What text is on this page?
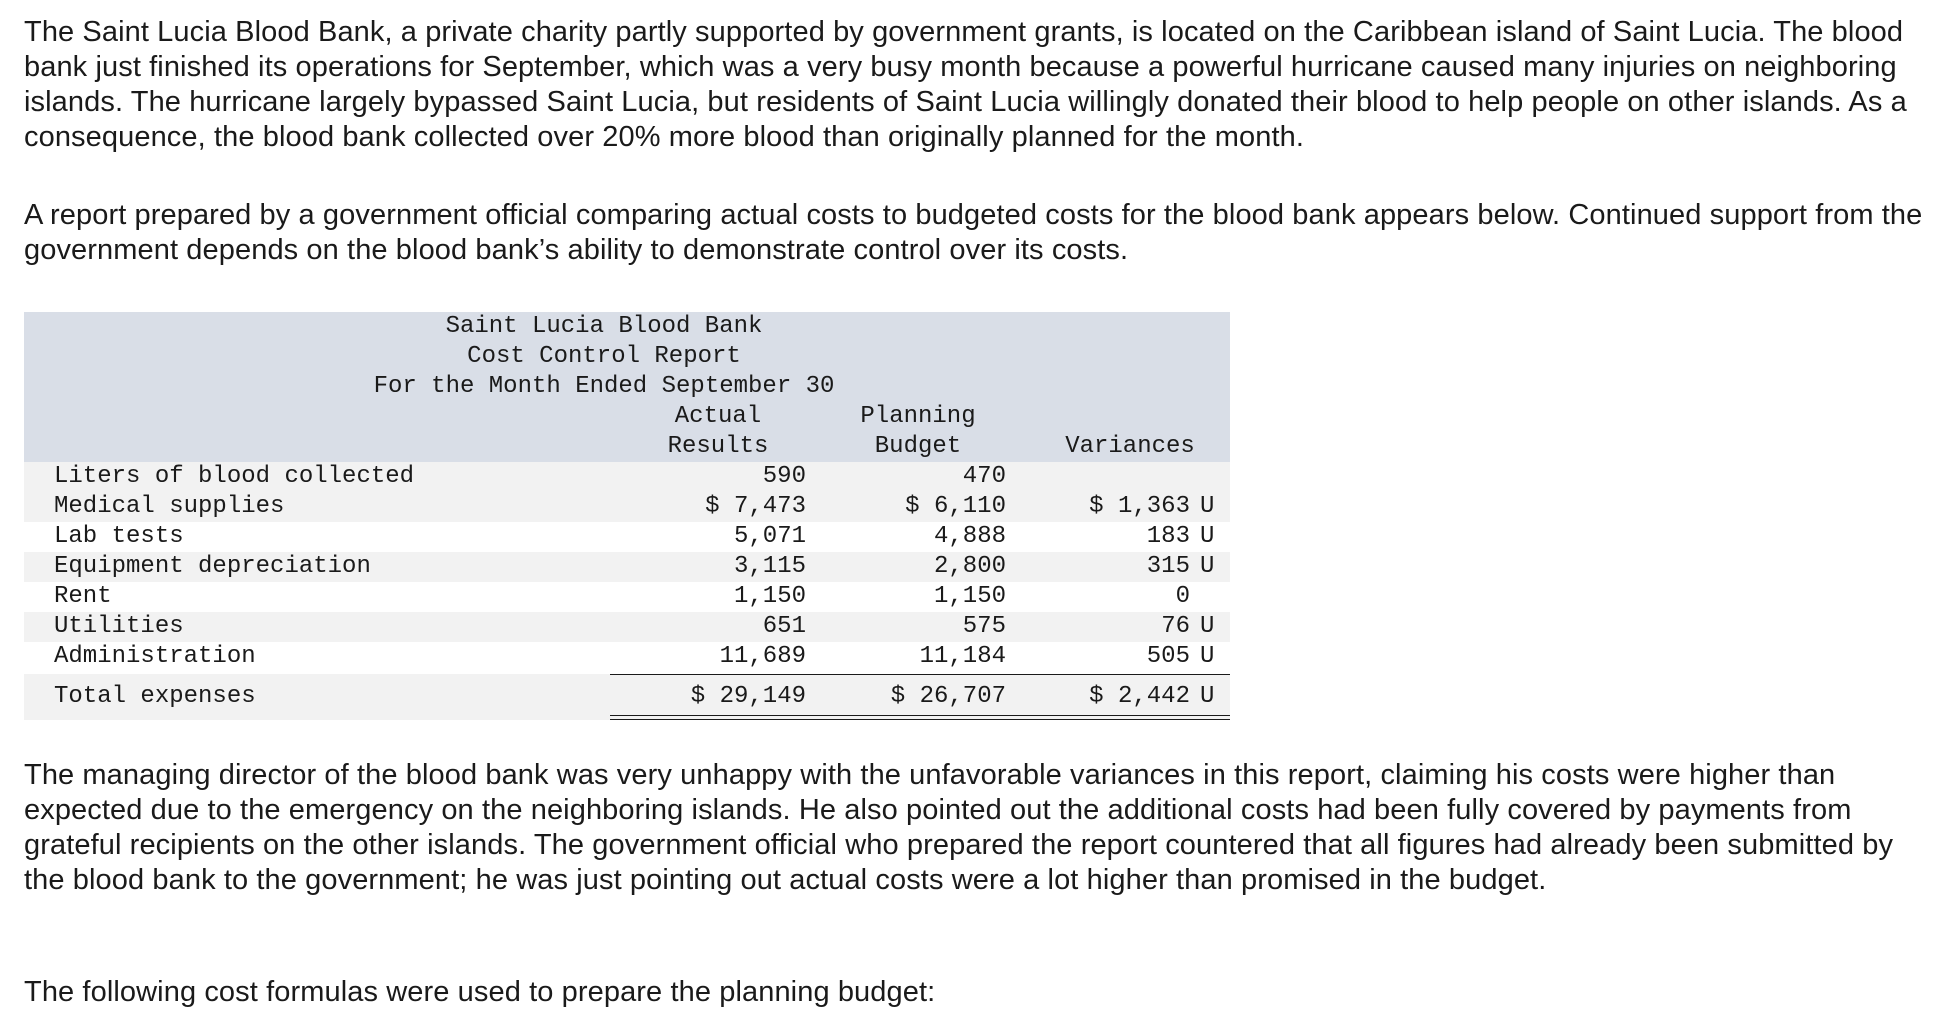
The Saint Lucia Blood Bank, a private charity partly supported by government grants, is located on the Caribbean island of Saint Lucia. The blood bank just finished its operations for September, which was a very busy month because a powerful hurricane caused many injuries on neighboring islands. The hurricane largely bypassed Saint Lucia, but residents of Saint Lucia willingly donated their blood to help people on other islands. As a consequence, the blood bank collected over 20% more blood than originally planned for the month.

A report prepared by a government official comparing actual costs to budgeted costs for the blood bank appears below. Continued support from the government depends on the blood bank’s ability to demonstrate control over its costs.

Saint Lucia Blood Bank
Cost Control Report
For the Month Ended September 30
Actual
Results
Planning
Budget	Variances
Liters of blood collected	590	470
Medical supplies	$ 7,473	$ 6,110	$ 1,363 U
Lab tests	5,071	4,888	183 U
Equipment depreciation	3,115	2,800	315 U
Rent	1,150	1,150	0
Utilities	651	575	76 U
Administration	11,689	11,184	505 U
Total expenses	$ 29,149	$ 26,707	$ 2,442 U

The managing director of the blood bank was very unhappy with the unfavorable variances in this report, claiming his costs were higher than expected due to the emergency on the neighboring islands. He also pointed out the additional costs had been fully covered by payments from grateful recipients on the other islands. The government official who prepared the report countered that all figures had already been submitted by the blood bank to the government; he was just pointing out actual costs were a lot higher than promised in the budget.

The following cost formulas were used to prepare the planning budget:
